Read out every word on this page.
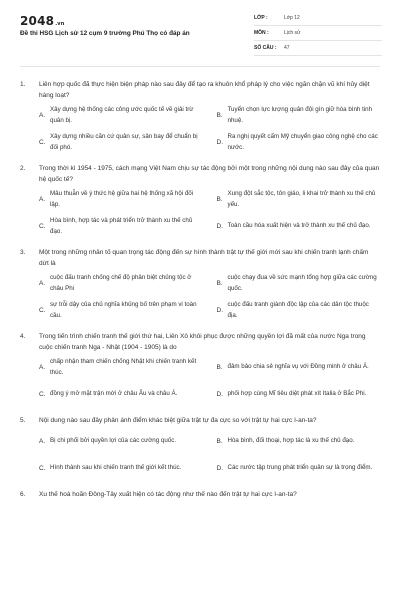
2048.vn
Đề thi HSG Lịch sử 12 cụm 9 trường Phú Thọ có đáp án
LỚP :	Lớp 12
MÔN :	Lịch sử
SỐ CÂU :	47
1.	Liên hợp quốc đã thực hiện biện pháp nào sau đây để tạo ra khuôn khổ pháp lý cho việc ngăn chặn vũ khí hủy diệt hàng loạt?
A.
Xây dựng hệ thống các công ước quốc tế về giải trừ quân bị.
B.
Tuyển chọn lực lượng quân đội gìn giữ hòa bình tinh nhuệ.
C.
Xây dựng nhiều căn cứ quân sự, sân bay để chuẩn bị đối phó.
D.
Ra nghị quyết cấm Mỹ chuyển giao công nghệ cho các nước.
2.	Trong thời kì 1954 - 1975, cách mạng Việt Nam chịu sự tác động bởi một trong những nội dung nào sau đây của quan hệ quốc tế?
A.
Mâu thuẫn về ý thức hệ giữa hai hệ thống xã hội đối lập.
B.
Xung đột sắc tộc, tôn giáo, li khai trở thành xu thế chủ yếu.
C.
Hòa bình, hợp tác và phát triển trở thành xu thế chủ đạo.
D. Toàn cầu hóa xuất hiện và trở thành xu thế chủ đạo.
3.	Một trong những nhân tố quan trọng tác động đến sự hình thành trật tự thế giới mới sau khi chiến tranh lạnh chấm dứt là
A.
cuộc đấu tranh chống chế độ phân biệt chủng tộc ở châu Phi
B.
cuộc chạy đua về sức mạnh tổng hợp giữa các cường quốc.
C.
sự trỗi dậy của chủ nghĩa khủng bố trên phạm vi toàn cầu.
D.
cuộc đấu tranh giành độc lập của các dân tộc thuộc địa.
4.	Trong tiến trình chiến tranh thế giới thứ hai, Liên Xô khôi phục được những quyền lợi đã mất của nước Nga trong cuộc chiến tranh Nga - Nhật (1904 - 1905) là do
A.
chấp nhận tham chiến chống Nhật khi chiến tranh kết thúc.
B. đảm bảo chia sẻ nghĩa vụ với Đồng minh ở châu Á.
C. đồng ý mở mặt trận mới ở châu Âu và châu Á.	D. phối hợp cùng Mĩ tiêu diệt phát xít Italia ở Bắc Phi.
5.	Nội dung nào sau đây phản ánh điểm khác biệt giữa trật tự đa cực so với trật tự hai cực I-an-ta?
A. Bị chi phối bởi quyền lợi của các cường quốc.	B. Hòa bình, đối thoại, hợp tác là xu thế chủ đạo.
C. Hình thành sau khi chiến tranh thế giới kết thúc.	D. Các nước tập trung phát triển quân sự là trọng điểm.
6.	Xu thế hoà hoãn Đông-Tây xuất hiện có tác động như thế nào đến trật tự hai cực I-an-ta?
